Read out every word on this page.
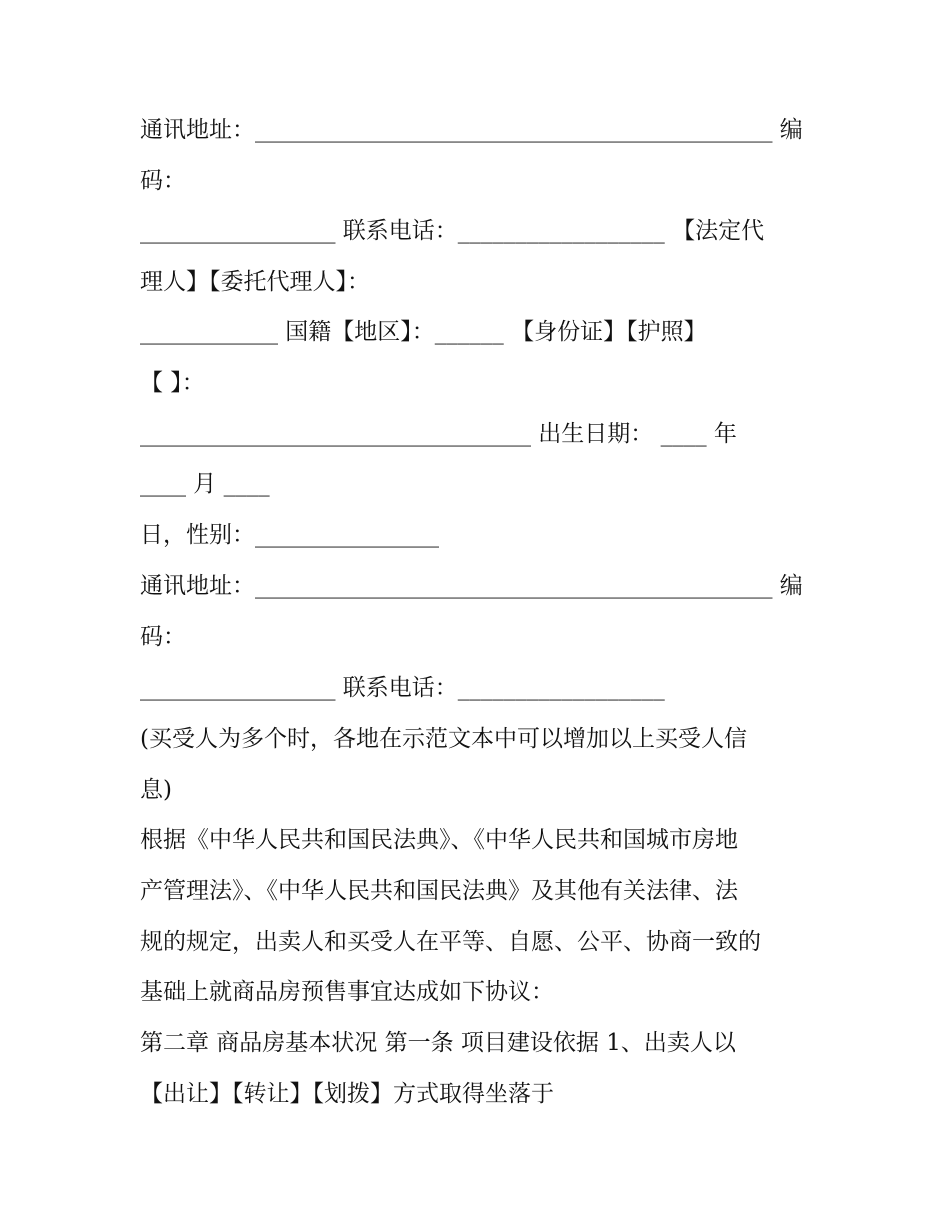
通讯地址：_____________________________________________ 编
码：
_________________ 联系电话：__________________ 【法定代
理人】【委托代理人】：
____________ 国籍【地区】：______ 【身份证】【护照】
【 】：
__________________________________ 出生日期： ____ 年
____ 月 ____
日，性别：________________
通讯地址：_____________________________________________ 编
码：
_________________ 联系电话：__________________
(买受人为多个时，各地在示范文本中可以增加以上买受人信
息)
根据《中华人民共和国民法典》、《中华人民共和国城市房地
产管理法》、《中华人民共和国民法典》及其他有关法律、法
规的规定，出卖人和买受人在平等、自愿、公平、协商一致的
基础上就商品房预售事宜达成如下协议：
第二章 商品房基本状况 第一条 项目建设依据 1、出卖人以
【出让】【转让】【划拨】方式取得坐落于
